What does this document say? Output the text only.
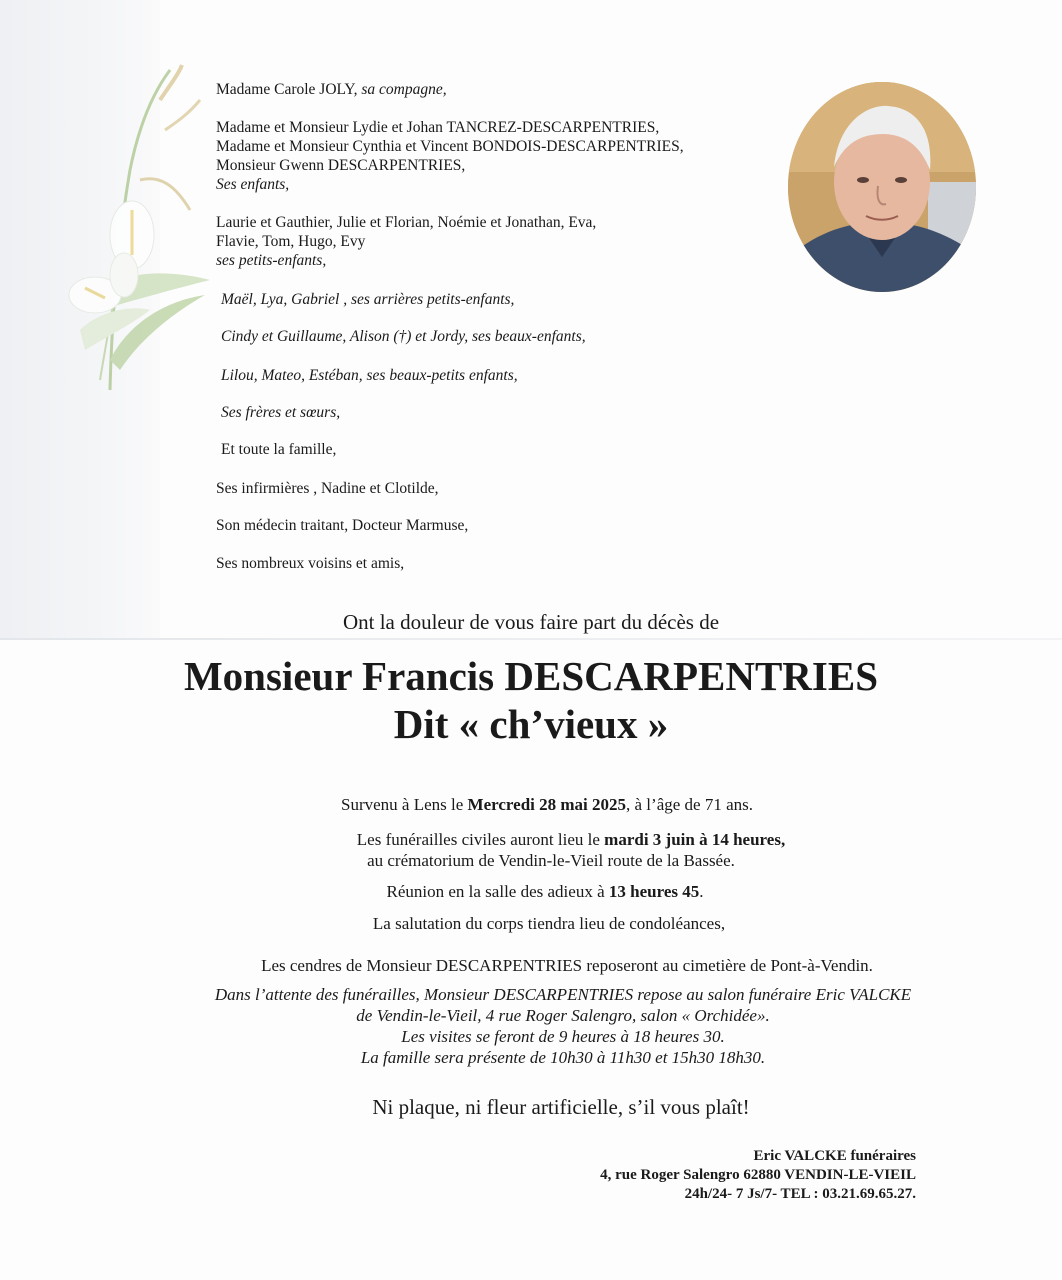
Madame Carole JOLY, sa compagne,
Madame et Monsieur Lydie et Johan TANCREZ-DESCARPENTRIES,
Madame et Monsieur Cynthia et Vincent BONDOIS-DESCARPENTRIES,
Monsieur Gwenn DESCARPENTRIES,
Ses enfants,
Laurie et Gauthier, Julie et Florian, Noémie et Jonathan, Eva,
Flavie, Tom, Hugo, Evy
ses petits-enfants,
Maël, Lya, Gabriel , ses arrières petits-enfants,
Cindy et Guillaume, Alison (†) et Jordy, ses beaux-enfants,
Lilou, Mateo, Estéban, ses beaux-petits enfants,
Ses frères et sœurs,
Et toute la famille,
Ses infirmières , Nadine et Clotilde,
Son médecin traitant, Docteur Marmuse,
Ses nombreux voisins et amis,
Ont la douleur de vous faire part du décès de
Monsieur Francis DESCARPENTRIES
Dit « ch’vieux »
Survenu à Lens le Mercredi 28 mai 2025, à l’âge de 71 ans.
Les funérailles civiles auront lieu le mardi 3 juin à 14 heures,
au crématorium de Vendin-le-Vieil route de la Bassée.
Réunion en la salle des adieux à 13 heures 45.
La salutation du corps tiendra lieu de condoléances,
Les cendres de Monsieur DESCARPENTRIES reposeront au cimetière de Pont-à-Vendin.
Dans l’attente des funérailles, Monsieur DESCARPENTRIES repose au salon funéraire Eric VALCKE
de Vendin-le-Vieil, 4 rue Roger Salengro, salon « Orchidée».
Les visites se feront de 9 heures à 18 heures 30.
La famille sera présente de 10h30 à 11h30 et 15h30 18h30.
Ni plaque, ni fleur artificielle, s’il vous plaît!
Eric VALCKE funéraires
4, rue Roger Salengro 62880 VENDIN-LE-VIEIL
24h/24- 7 Js/7- TEL : 03.21.69.65.27.
